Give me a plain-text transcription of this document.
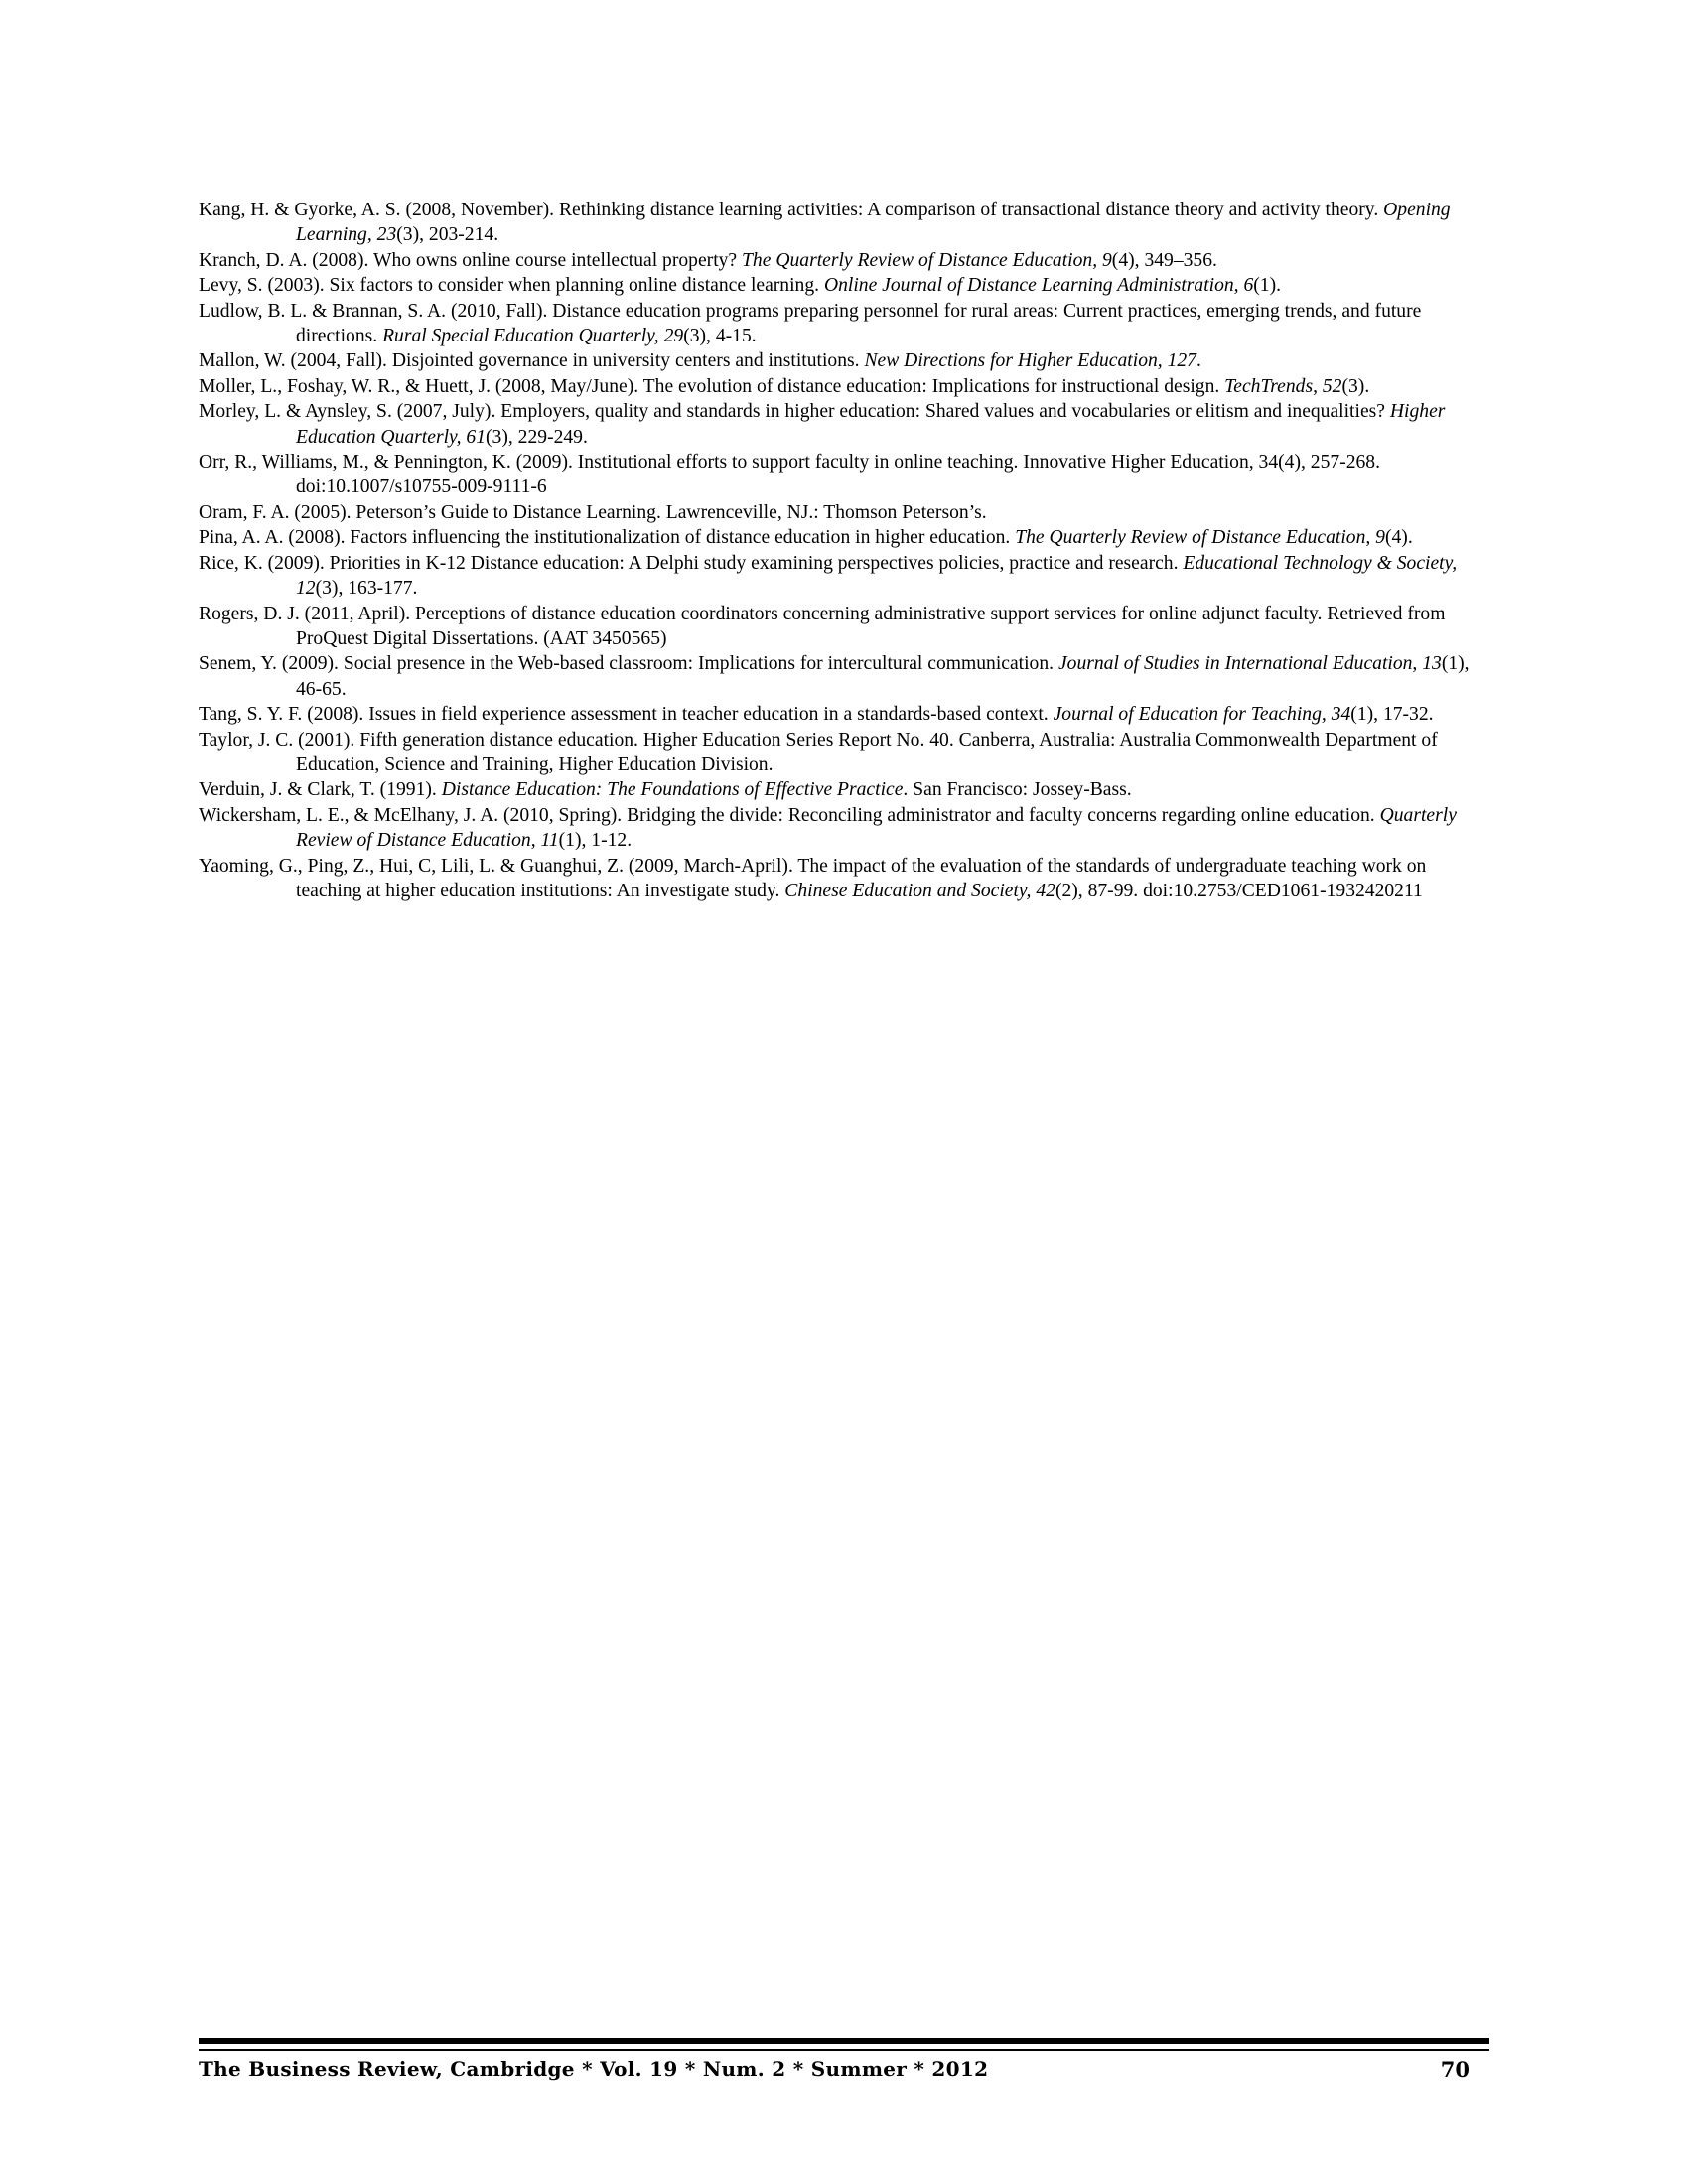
Kang, H. & Gyorke, A. S. (2008, November). Rethinking distance learning activities: A comparison of transactional distance theory and activity theory. Opening Learning, 23(3), 203-214.
Kranch, D. A. (2008). Who owns online course intellectual property? The Quarterly Review of Distance Education, 9(4), 349–356.
Levy, S. (2003). Six factors to consider when planning online distance learning. Online Journal of Distance Learning Administration, 6(1).
Ludlow, B. L. & Brannan, S. A. (2010, Fall). Distance education programs preparing personnel for rural areas: Current practices, emerging trends, and future directions. Rural Special Education Quarterly, 29(3), 4-15.
Mallon, W. (2004, Fall). Disjointed governance in university centers and institutions. New Directions for Higher Education, 127.
Moller, L., Foshay, W. R., & Huett, J. (2008, May/June). The evolution of distance education: Implications for instructional design. TechTrends, 52(3).
Morley, L. & Aynsley, S. (2007, July). Employers, quality and standards in higher education: Shared values and vocabularies or elitism and inequalities? Higher Education Quarterly, 61(3), 229-249.
Orr, R., Williams, M., & Pennington, K. (2009). Institutional efforts to support faculty in online teaching. Innovative Higher Education, 34(4), 257-268. doi:10.1007/s10755-009-9111-6
Oram, F. A. (2005). Peterson’s Guide to Distance Learning. Lawrenceville, NJ.: Thomson Peterson’s.
Pina, A. A. (2008). Factors influencing the institutionalization of distance education in higher education. The Quarterly Review of Distance Education, 9(4).
Rice, K. (2009). Priorities in K-12 Distance education: A Delphi study examining perspectives policies, practice and research. Educational Technology & Society, 12(3), 163-177.
Rogers, D. J. (2011, April). Perceptions of distance education coordinators concerning administrative support services for online adjunct faculty. Retrieved from ProQuest Digital Dissertations. (AAT 3450565)
Senem, Y. (2009). Social presence in the Web-based classroom: Implications for intercultural communication. Journal of Studies in International Education, 13(1), 46-65.
Tang, S. Y. F. (2008). Issues in field experience assessment in teacher education in a standards-based context. Journal of Education for Teaching, 34(1), 17-32.
Taylor, J. C. (2001). Fifth generation distance education. Higher Education Series Report No. 40. Canberra, Australia: Australia Commonwealth Department of Education, Science and Training, Higher Education Division.
Verduin, J. & Clark, T. (1991). Distance Education: The Foundations of Effective Practice. San Francisco: Jossey-Bass.
Wickersham, L. E., & McElhany, J. A. (2010, Spring). Bridging the divide: Reconciling administrator and faculty concerns regarding online education. Quarterly Review of Distance Education, 11(1), 1-12.
Yaoming, G., Ping, Z., Hui, C, Lili, L. & Guanghui, Z. (2009, March-April). The impact of the evaluation of the standards of undergraduate teaching work on teaching at higher education institutions: An investigate study. Chinese Education and Society, 42(2), 87-99. doi:10.2753/CED1061-1932420211
The Business Review, Cambridge * Vol. 19 * Num. 2 * Summer * 2012	70
